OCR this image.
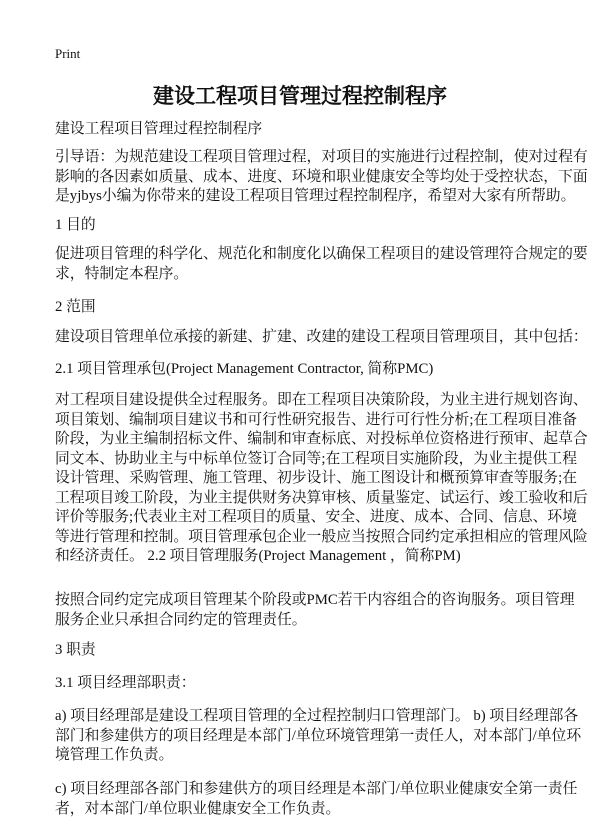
Print
建设工程项目管理过程控制程序
建设工程项目管理过程控制程序
引导语：为规范建设工程项目管理过程，对项目的实施进行过程控制，使对过程有
影响的各因素如质量、成本、进度、环境和职业健康安全等均处于受控状态，下面
是yjbys小编为你带来的建设工程项目管理过程控制程序，希望对大家有所帮助。
1 目的
促进项目管理的科学化、规范化和制度化以确保工程项目的建设管理符合规定的要
求，特制定本程序。
2 范围
建设项目管理单位承接的新建、扩建、改建的建设工程项目管理项目，其中包括：
2.1 项目管理承包(Project Management Contractor, 简称PMC)
对工程项目建设提供全过程服务。即在工程项目决策阶段，为业主进行规划咨询、
项目策划、编制项目建议书和可行性研究报告、进行可行性分析;在工程项目准备
阶段，为业主编制招标文件、编制和审查标底、对投标单位资格进行预审、起草合
同文本、协助业主与中标单位签订合同等;在工程项目实施阶段，为业主提供工程
设计管理、采购管理、施工管理、初步设计、施工图设计和概预算审查等服务;在
工程项目竣工阶段，为业主提供财务决算审核、质量鉴定、试运行、竣工验收和后
评价等服务;代表业主对工程项目的质量、安全、进度、成本、合同、信息、环境
等进行管理和控制。项目管理承包企业一般应当按照合同约定承担相应的管理风险
和经济责任。 2.2 项目管理服务(Project Management ，简称PM)
按照合同约定完成项目管理某个阶段或PMC若干内容组合的咨询服务。项目管理
服务企业只承担合同约定的管理责任。
3 职责
3.1 项目经理部职责：
a) 项目经理部是建设工程项目管理的全过程控制归口管理部门。 b) 项目经理部各
部门和参建供方的项目经理是本部门/单位环境管理第一责任人，对本部门/单位环
境管理工作负责。
c) 项目经理部各部门和参建供方的项目经理是本部门/单位职业健康安全第一责任
者，对本部门/单位职业健康安全工作负责。
